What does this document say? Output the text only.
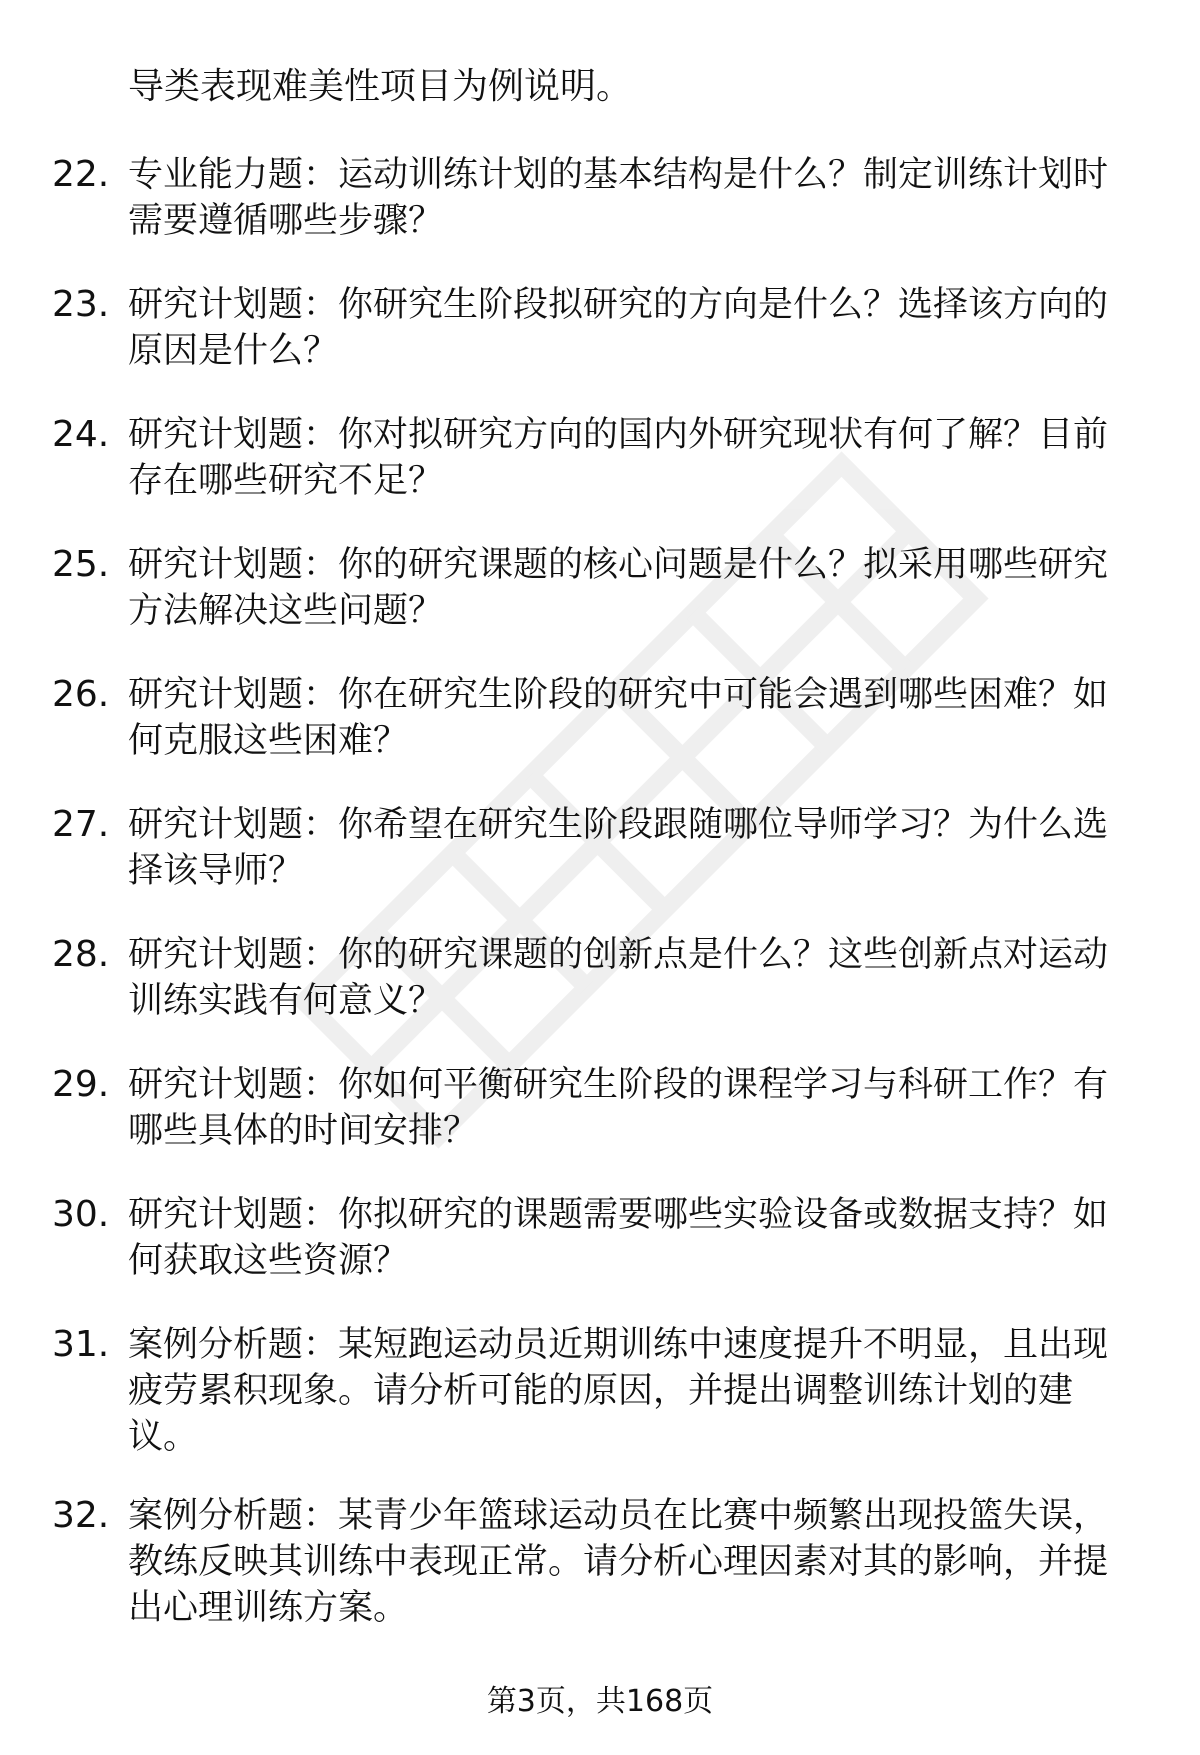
导类表现难美性项目为例说明。
22. 专业能力题：运动训练计划的基本结构是什么？制定训练计划时
需要遵循哪些步骤？
23. 研究计划题：你研究生阶段拟研究的方向是什么？选择该方向的
原因是什么？
24. 研究计划题：你对拟研究方向的国内外研究现状有何了解？目前
存在哪些研究不足？
25. 研究计划题：你的研究课题的核心问题是什么？拟采用哪些研究
方法解决这些问题？
26. 研究计划题：你在研究生阶段的研究中可能会遇到哪些困难？如
何克服这些困难？
27. 研究计划题：你希望在研究生阶段跟随哪位导师学习？为什么选
择该导师？
28. 研究计划题：你的研究课题的创新点是什么？这些创新点对运动
训练实践有何意义？
29. 研究计划题：你如何平衡研究生阶段的课程学习与科研工作？有
哪些具体的时间安排？
30. 研究计划题：你拟研究的课题需要哪些实验设备或数据支持？如
何获取这些资源？
31. 案例分析题：某短跑运动员近期训练中速度提升不明显，且出现
疲劳累积现象。请分析可能的原因，并提出调整训练计划的建
议。
32. 案例分析题：某青少年篮球运动员在比赛中频繁出现投篮失误，
教练反映其训练中表现正常。请分析心理因素对其的影响，并提
出心理训练方案。
第3页，共168页
